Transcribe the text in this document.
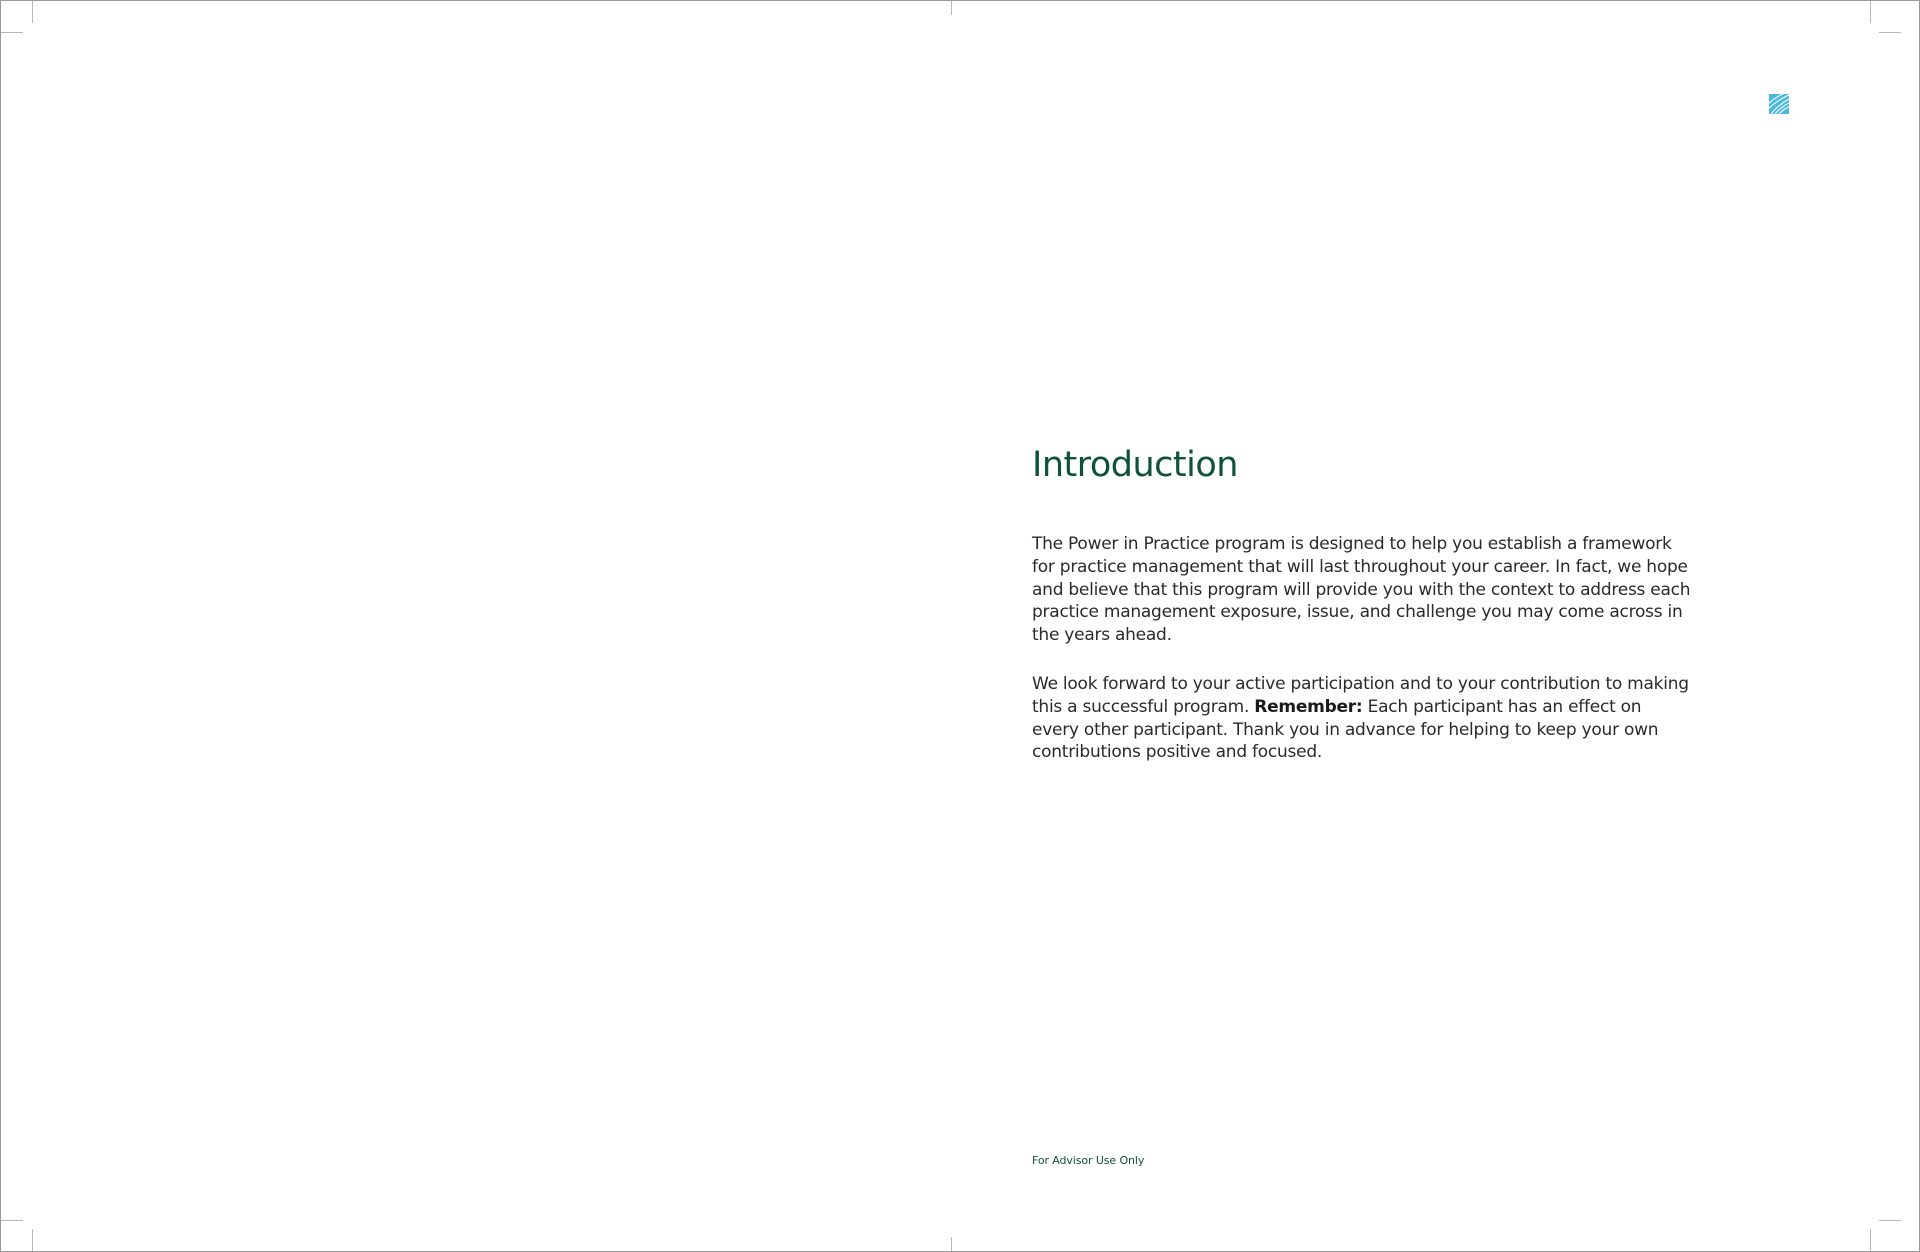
Introduction

The Power in Practice program is designed to help you establish a framework for practice management that will last throughout your career. In fact, we hope and believe that this program will provide you with the context to address each practice management exposure, issue, and challenge you may come across in the years ahead.

We look forward to your active participation and to your contribution to making this a successful program. Remember: Each participant has an effect on every other participant. Thank you in advance for helping to keep your own contributions positive and focused.

For Advisor Use Only
